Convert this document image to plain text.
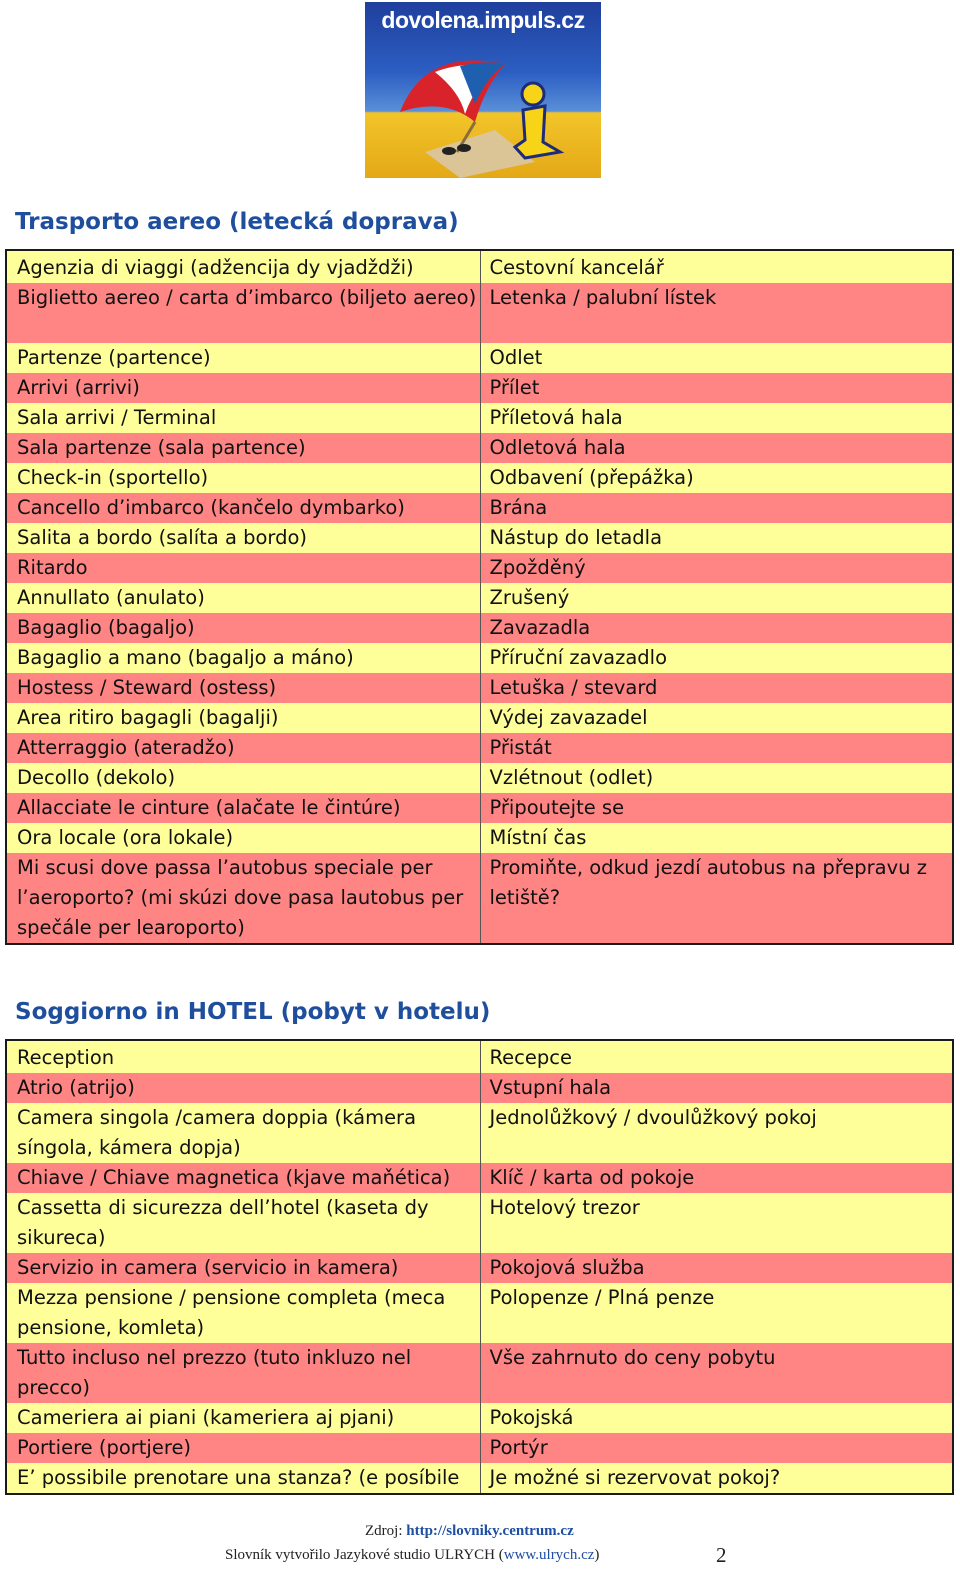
dovolena.impuls.cz
Trasporto aereo (letecká doprava)
Agenzia di viaggi (adžencija dy vjadždži)	Cestovní kancelář
Biglietto aereo / carta d’imbarco (biljeto aereo)	Letenka / palubní lístek
Partenze (partence)	Odlet
Arrivi (arrivi)	Přílet
Sala arrivi / Terminal	Příletová hala
Sala partenze (sala partence)	Odletová hala
Check-in (sportello)	Odbavení (přepážka)
Cancello d’imbarco (kančelo dymbarko)	Brána
Salita a bordo (salíta a bordo)	Nástup do letadla
Ritardo	Zpožděný
Annullato (anulato)	Zrušený
Bagaglio (bagaljo)	Zavazadla
Bagaglio a mano (bagaljo a máno)	Příruční zavazadlo
Hostess / Steward (ostess)	Letuška / stevard
Area ritiro bagagli (bagalji)	Výdej zavazadel
Atterraggio (ateradžo)	Přistát
Decollo (dekolo)	Vzlétnout (odlet)
Allacciate le cinture (alačate le čintúre)	Připoutejte se
Ora locale (ora lokale)	Místní čas
Mi scusi dove passa l’autobus speciale per l’aeroporto? (mi skúzi dove pasa lautobus per spečále per learoporto)	Promiňte, odkud jezdí autobus na přepravu z letiště?
Soggiorno in HOTEL (pobyt v hotelu)
Reception	Recepce
Atrio (atrijo)	Vstupní hala
Camera singola /camera doppia (kámera síngola, kámera dopja)	Jednolůžkový / dvoulůžkový pokoj
Chiave / Chiave magnetica (kjave maňética)	Klíč / karta od pokoje
Cassetta di sicurezza dell’hotel (kaseta dy sikureca)	Hotelový trezor
Servizio in camera (servicio in kamera)	Pokojová služba
Mezza pensione / pensione completa (meca pensione, komleta)	Polopenze / Plná penze
Tutto incluso nel prezzo (tuto inkluzo nel precco)	Vše zahrnuto do ceny pobytu
Cameriera ai piani (kameriera aj pjani)	Pokojská
Portiere (portjere)	Portýr
E’ possibile prenotare una stanza? (e posíbile	Je možné si rezervovat pokoj?
Zdroj: http://slovniky.centrum.cz
Slovník vytvořilo Jazykové studio ULRYCH (www.ulrych.cz)	2
